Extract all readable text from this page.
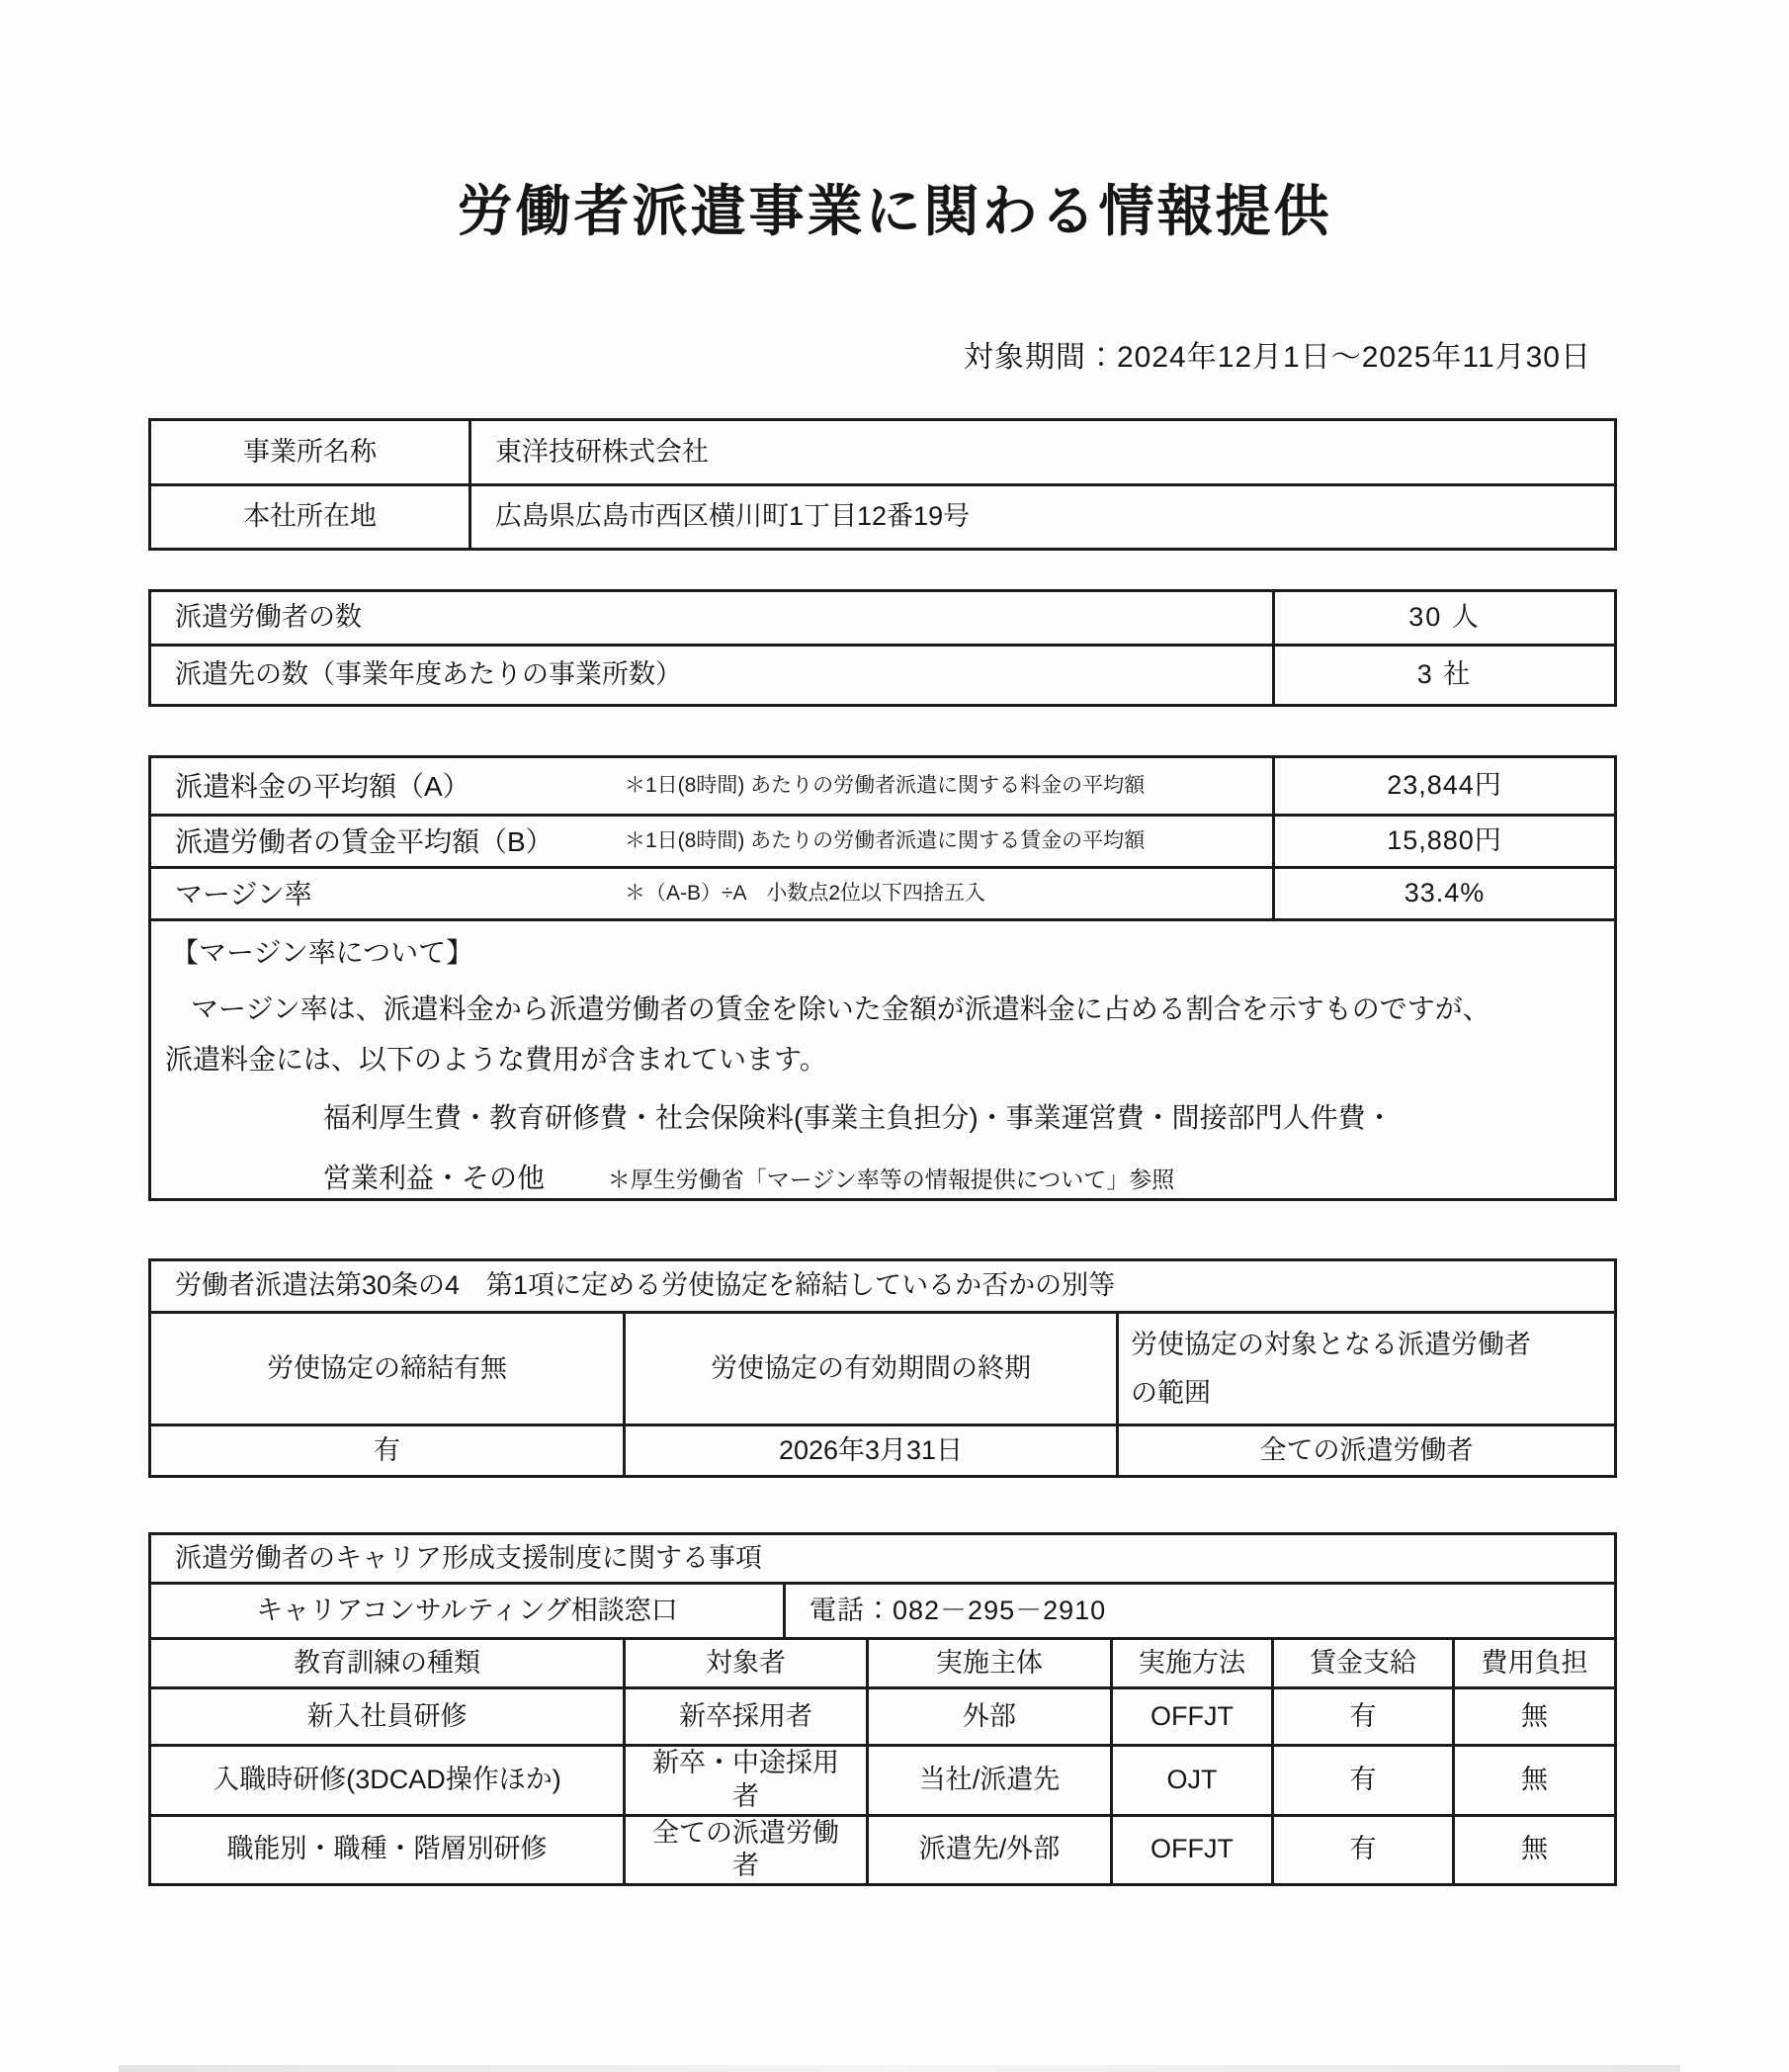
労働者派遣事業に関わる情報提供
対象期間：2024年12月1日～2025年11月30日
事業所名称	東洋技研株式会社
本社所在地	広島県広島市西区横川町1丁目12番19号
派遣労働者の数	30 人
派遣先の数（事業年度あたりの事業所数）	3 社
派遣料金の平均額（A） ＊1日(8時間) あたりの労働者派遣に関する料金の平均額	23,844円

派遣労働者の賃金平均額（B） ＊1日(8時間) あたりの労働者派遣に関する賃金の平均額	15,880円

マージン率 ＊（A-B）÷A　小数点2位以下四捨五入	33.4%

【マージン率について】
マージン率は、派遣料金から派遣労働者の賃金を除いた金額が派遣料金に占める割合を示すものですが、
派遣料金には、以下のような費用が含まれています。
福利厚生費・教育研修費・社会保険料(事業主負担分)・事業運営費・間接部門人件費・
営業利益・その他 ＊厚生労働省「マージン率等の情報提供について」参照	
労働者派遣法第30条の4　第1項に定める労使協定を締結しているか否かの別等		
労使協定の締結有無	労使協定の有効期間の終期	労使協定の対象となる派遣労働者の範囲

有	2026年3月31日	全ての派遣労働者
派遣労働者のキャリア形成支援制度に関する事項
キャリアコンサルティング相談窓口	電話：082－295－2910
教育訓練の種類	対象者	実施主体	実施方法	賃金支給	費用負担
新入社員研修	新卒採用者	外部	OFFJT	有	無
入職時研修(3DCAD操作ほか)	新卒・中途採用者	当社/派遣先	OJT	有	無
職能別・職種・階層別研修	全ての派遣労働者	派遣先/外部	OFFJT	有	無
